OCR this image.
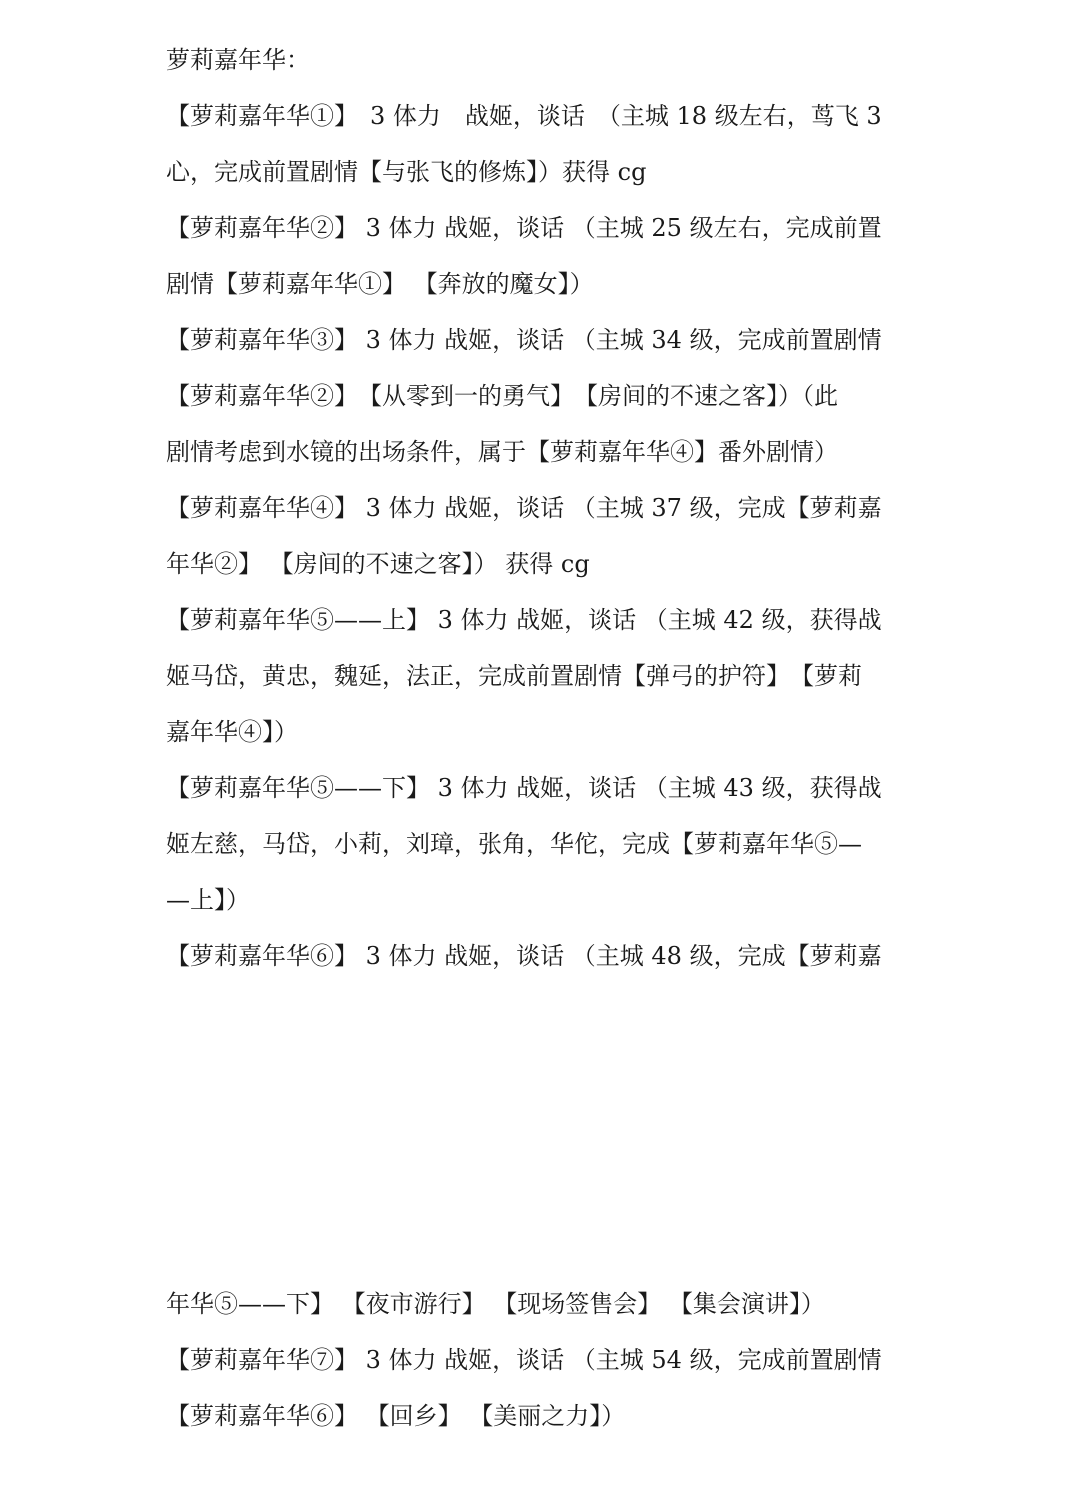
萝莉嘉年华：
【萝莉嘉年华①】　3 体力　战姬，谈话　（主城 18 级左右，茑飞 3
心，完成前置剧情【与张飞的修炼】）获得 cg
【萝莉嘉年华②】 3 体力 战姬，谈话 （主城 25 级左右，完成前置
剧情【萝莉嘉年华①】 【奔放的魔女】）
【萝莉嘉年华③】 3 体力 战姬，谈话 （主城 34 级，完成前置剧情
【萝莉嘉年华②】　【从零到一的勇气】　【房间的不速之客】）（此
剧情考虑到水镜的出场条件，属于【萝莉嘉年华④】番外剧情）
【萝莉嘉年华④】 3 体力 战姬，谈话 （主城 37 级，完成【萝莉嘉
年华②】 【房间的不速之客】） 获得 cg
【萝莉嘉年华⑤——上】 3 体力 战姬，谈话 （主城 42 级，获得战
姬马岱，黄忠，魏延，法正，完成前置剧情【弹弓的护符】　【萝莉
嘉年华④】）
【萝莉嘉年华⑤——下】 3 体力 战姬，谈话 （主城 43 级，获得战
姬左慈，马岱，小莉，刘璋，张角，华佗，完成【萝莉嘉年华⑤—
—上】）
【萝莉嘉年华⑥】 3 体力 战姬，谈话 （主城 48 级，完成【萝莉嘉
年华⑤——下】 【夜市游行】 【现场签售会】 【集会演讲】）
【萝莉嘉年华⑦】 3 体力 战姬，谈话 （主城 54 级，完成前置剧情
【萝莉嘉年华⑥】 【回乡】 【美丽之力】）
